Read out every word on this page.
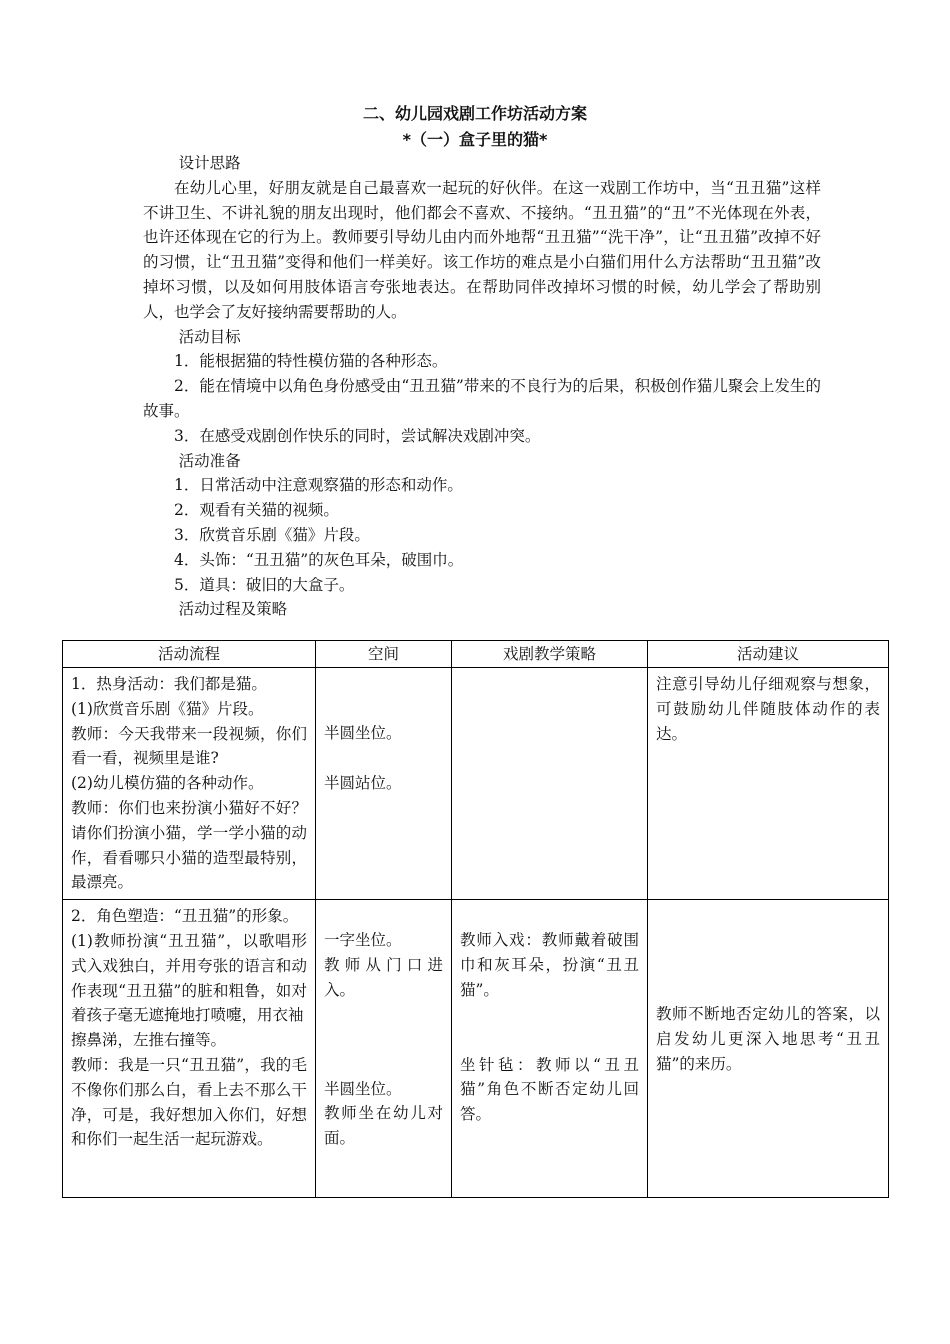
二、幼儿园戏剧工作坊活动方案
*（一）盒子里的猫*

设计思路

在幼儿心里，好朋友就是自己最喜欢一起玩的好伙伴。在这一戏剧工作坊中，当“丑丑猫”这样不讲卫生、不讲礼貌的朋友出现时，他们都会不喜欢、不接纳。“丑丑猫”的“丑”不光体现在外表，也许还体现在它的行为上。教师要引导幼儿由内而外地帮“丑丑猫”“洗干净”，让“丑丑猫”改掉不好的习惯，让“丑丑猫”变得和他们一样美好。该工作坊的难点是小白猫们用什么方法帮助“丑丑猫”改掉坏习惯，以及如何用肢体语言夸张地表达。在帮助同伴改掉坏习惯的时候，幼儿学会了帮助别人，也学会了友好接纳需要帮助的人。

活动目标

1．能根据猫的特性模仿猫的各种形态。

2．能在情境中以角色身份感受由“丑丑猫”带来的不良行为的后果，积极创作猫儿聚会上发生的故事。

3．在感受戏剧创作快乐的同时，尝试解决戏剧冲突。

活动准备

1．日常活动中注意观察猫的形态和动作。

2．观看有关猫的视频。

3．欣赏音乐剧《猫》片段。

4．头饰：“丑丑猫”的灰色耳朵，破围巾。

5．道具：破旧的大盒子。

活动过程及策略

活动流程	空间	戏剧教学策略	活动建议

1．热身活动：我们都是猫。
(1)欣赏音乐剧《猫》片段。
教师：今天我带来一段视频，你们看一看，视频里是谁?
(2)幼儿模仿猫的各种动作。
教师：你们也来扮演小猫好不好？请你们扮演小猫，学一学小猫的动作，看看哪只小猫的造型最特别，最漂亮。	半圆坐位。
半圆站位。		注意引导幼儿仔细观察与想象，可鼓励幼儿伴随肢体动作的表达。

2．角色塑造：“丑丑猫”的形象。
(1)教师扮演“丑丑猫”，以歌唱形式入戏独白，并用夸张的语言和动作表现“丑丑猫”的脏和粗鲁，如对着孩子毫无遮掩地打喷嚏，用衣袖
擦鼻涕，左推右撞等。
教师：我是一只“丑丑猫”，我的毛不像你们那么白，看上去不那么干净，可是，我好想加入你们，好想和你们一起生活一起玩游戏。	一字坐位。
教师从门口进入。
半圆坐位。
教师坐在幼儿对面。	教师入戏：教师戴着破围巾和灰耳朵，扮演“丑丑猫”。
坐针毡：教师以“丑丑猫”角色不断否定幼儿回答。	教师不断地否定幼儿的答案，以启发幼儿更深入地思考“丑丑猫”的来历。
